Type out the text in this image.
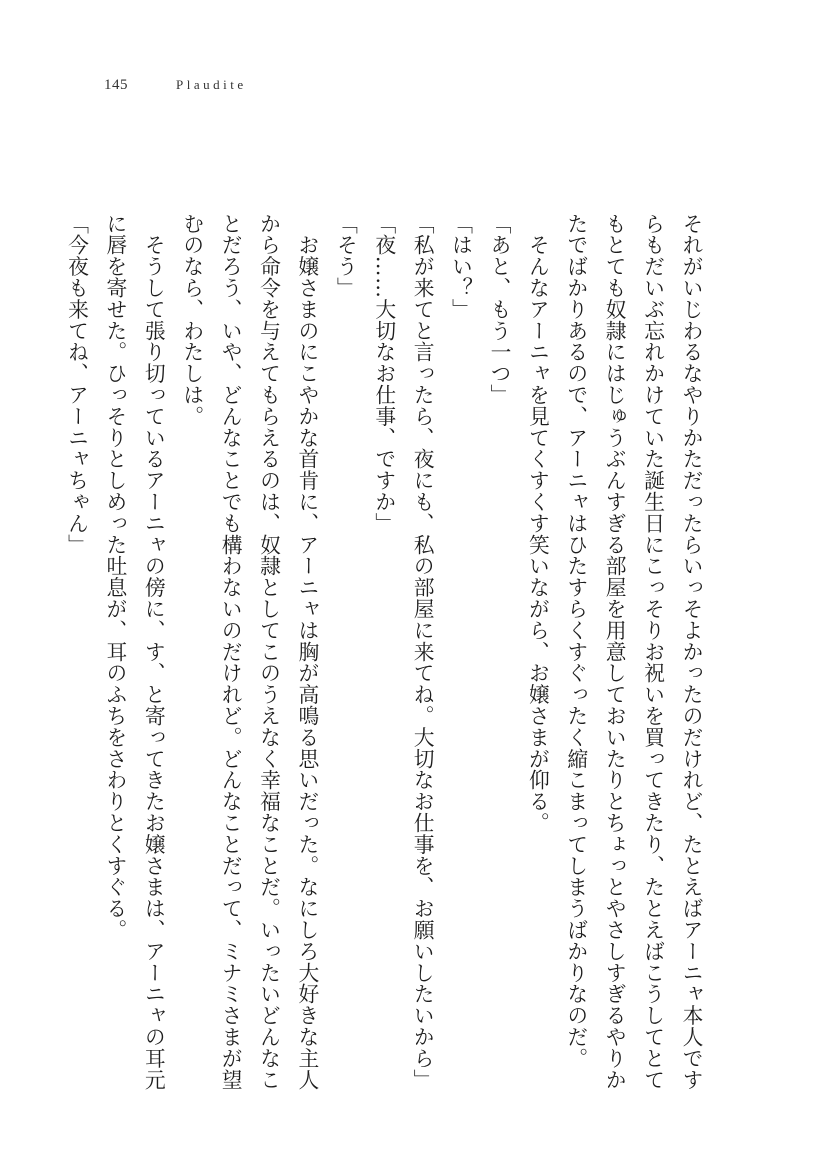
145	Plaudite

それがいじわるなやりかただったらいっそよかったのだけれど、たとえばアーニャ本人ですらもだいぶ忘れかけていた誕生日にこっそりお祝いを買ってきたり、たとえばこうしてとてもとても奴隷にはじゅうぶんすぎる部屋を用意しておいたりとちょっとやさしすぎるやりかたでばかりあるので、アーニャはひたすらくすぐったく縮こまってしまうばかりなのだ。

　そんなアーニャを見てくすくす笑いながら、お嬢さまが仰る。

「あと、もう一つ」

「はい？」

「私が来てと言ったら、夜にも、私の部屋に来てね。大切なお仕事を、お願いしたいから」

「夜……大切なお仕事、ですか」

「そう」

　お嬢さまのにこやかな首肯に、アーニャは胸が高鳴る思いだった。なにしろ大好きな主人から命令を与えてもらえるのは、奴隷としてこのうえなく幸福なことだ。いったいどんなことだろう、いや、どんなことでも構わないのだけれど。どんなことだって、ミナミさまが望むのなら、わたしは。

　そうして張り切っているアーニャの傍に、す、と寄ってきたお嬢さまは、アーニャの耳元に唇を寄せた。ひっそりとしめった吐息が、耳のふちをさわりとくすぐる。

「今夜も来てね、アーニャちゃん」
